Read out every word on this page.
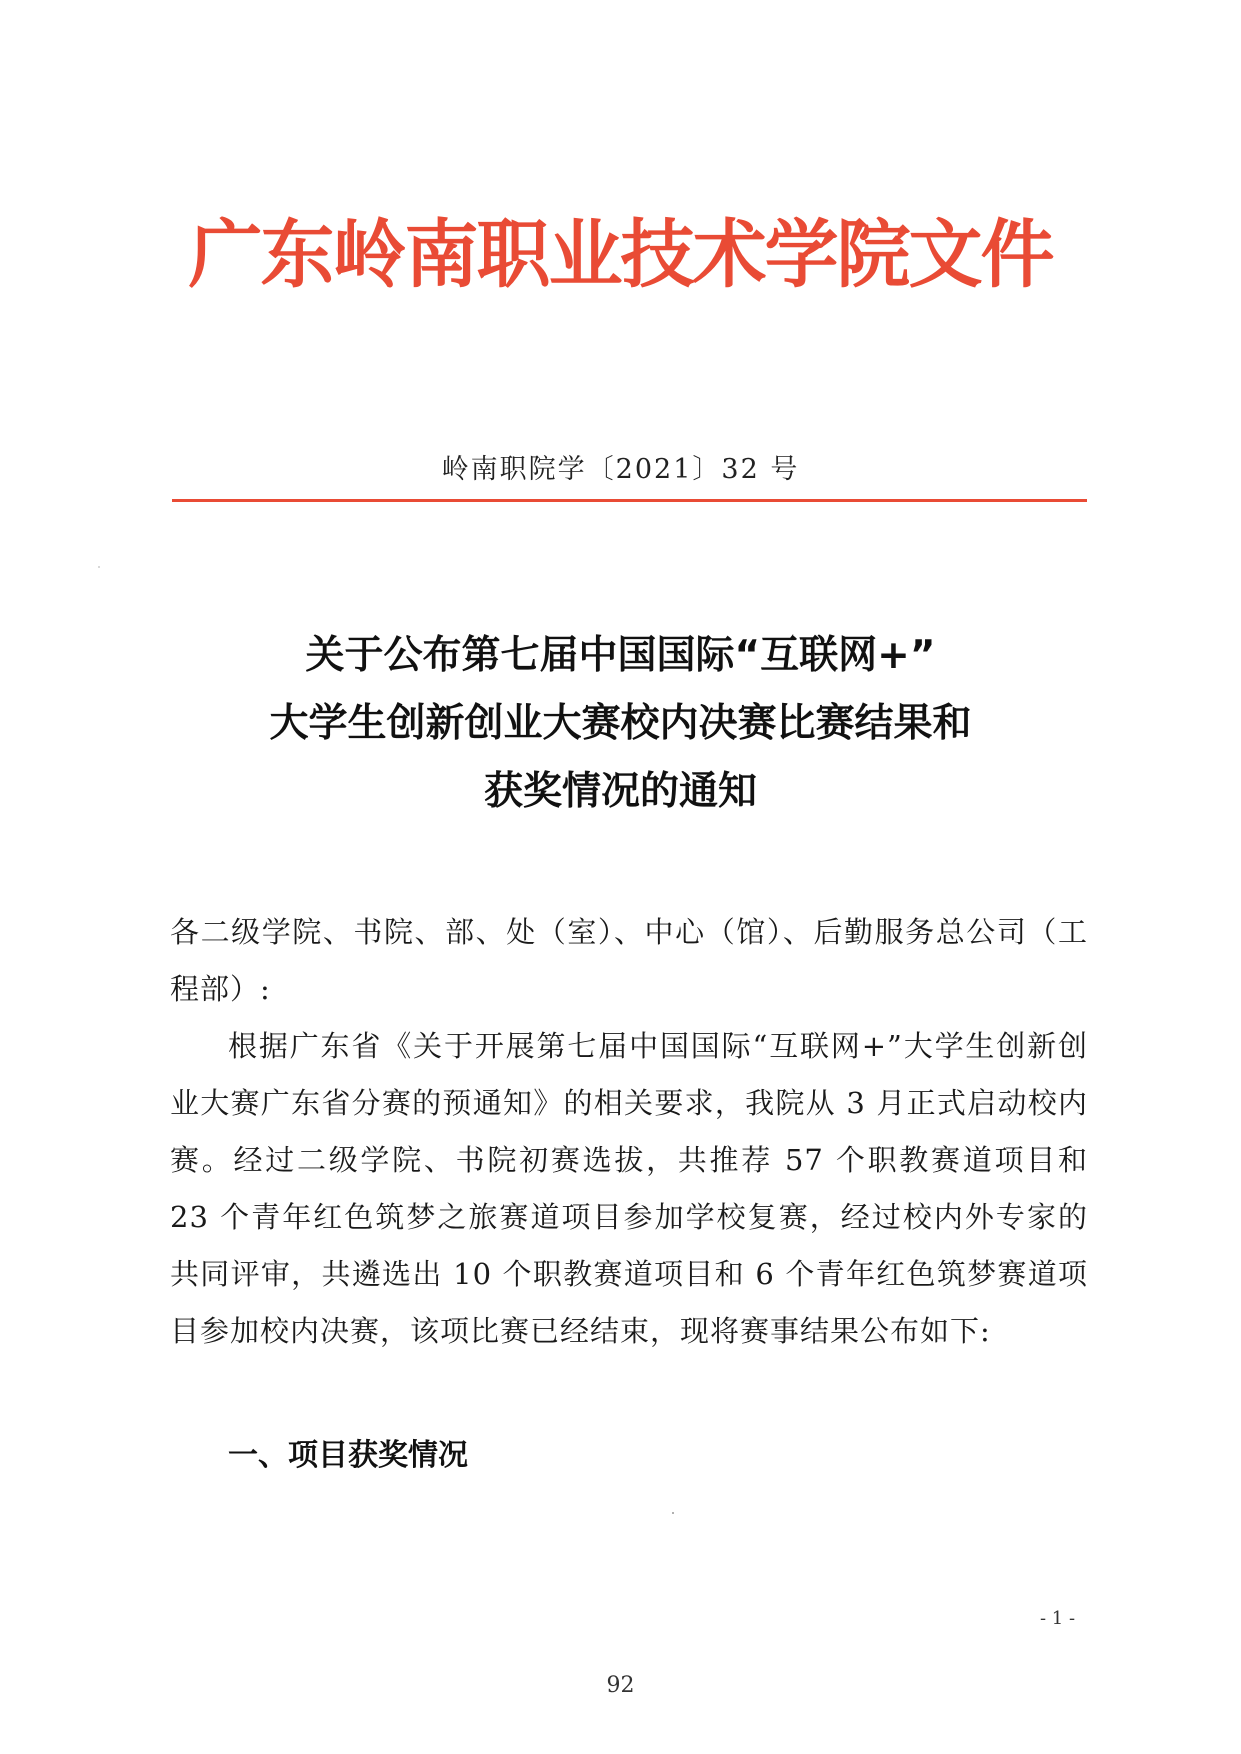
广东岭南职业技术学院文件
岭南职院学〔2021〕32 号
关于公布第七届中国国际“互联网+”
大学生创新创业大赛校内决赛比赛结果和
获奖情况的通知

各二级学院、书院、部、处（室）、中心（馆）、后勤服务总公司（工程部）:

根据广东省《关于开展第七届中国国际“互联网+”大学生创新创业大赛广东省分赛的预通知》的相关要求，我院从 3 月正式启动校内赛。经过二级学院、书院初赛选拔，共推荐 57 个职教赛道项目和 23 个青年红色筑梦之旅赛道项目参加学校复赛，经过校内外专家的共同评审，共遴选出 10 个职教赛道项目和 6 个青年红色筑梦赛道项目参加校内决赛，该项比赛已经结束，现将赛事结果公布如下:

一、项目获奖情况
- 1 -
92
